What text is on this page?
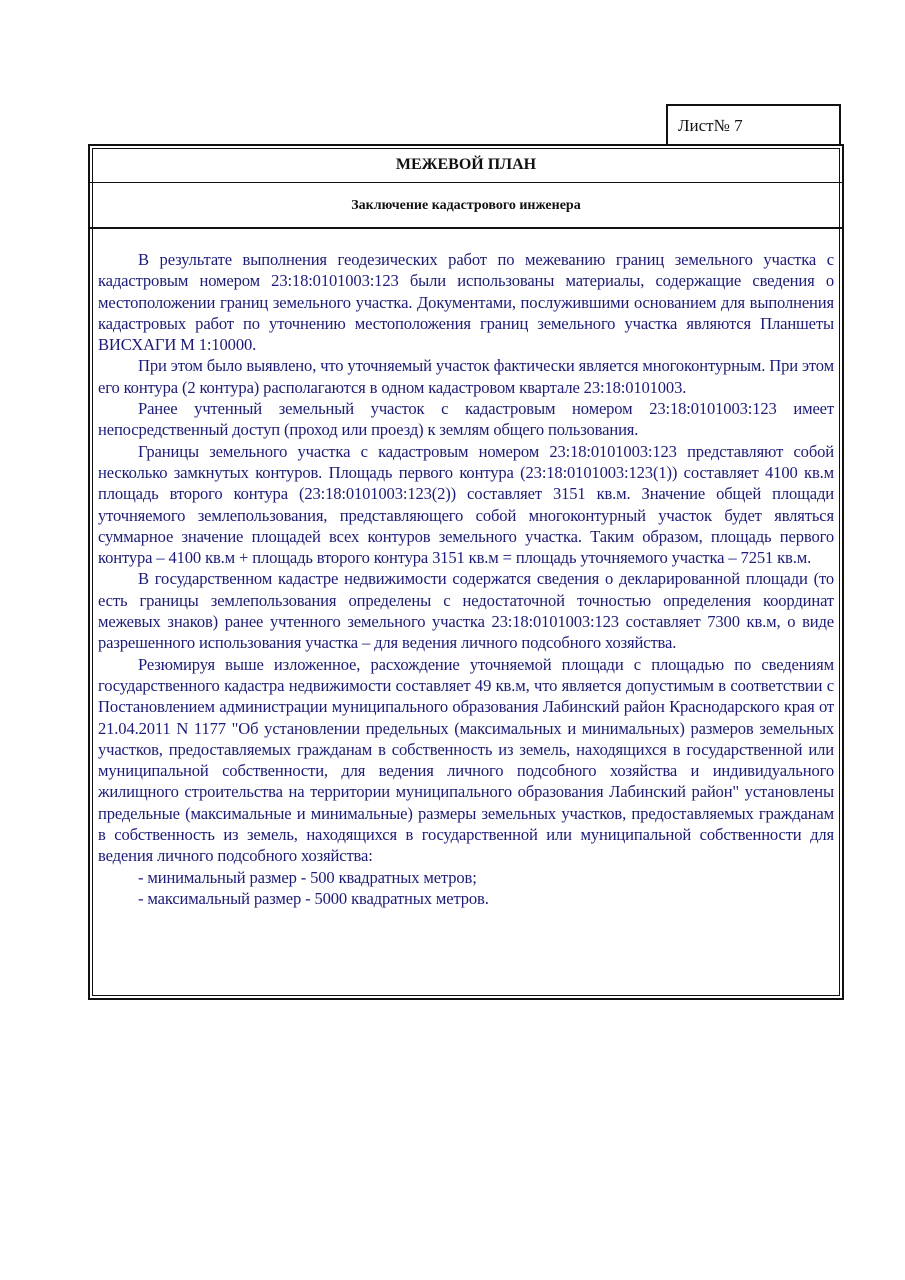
Лист№ 7
МЕЖЕВОЙ ПЛАН
Заключение кадастрового инженера

В результате выполнения геодезических работ по межеванию границ земельного участка с кадастровым номером 23:18:0101003:123 были использованы материалы, содержащие сведения о местоположении границ земельного участка. Документами, послужившими основанием для выполнения кадастровых работ по уточнению местоположения границ земельного участка являются Планшеты ВИСХАГИ М 1:10000.

При этом было выявлено, что уточняемый участок фактически является многоконтурным. При этом его контура (2 контура) располагаются в одном кадастровом квартале 23:18:0101003.

Ранее учтенный земельный участок с кадастровым номером 23:18:0101003:123 имеет непосредственный доступ (проход или проезд) к землям общего пользования.

Границы земельного участка с кадастровым номером 23:18:0101003:123 представляют собой несколько замкнутых контуров. Площадь первого контура (23:18:0101003:123(1)) составляет 4100 кв.м площадь второго контура (23:18:0101003:123(2)) составляет 3151 кв.м. Значение общей площади уточняемого землепользования, представляющего собой многоконтурный участок будет являться суммарное значение площадей всех контуров земельного участка. Таким образом, площадь первого контура – 4100 кв.м + площадь второго контура 3151 кв.м = площадь уточняемого участка – 7251 кв.м.

В государственном кадастре недвижимости содержатся сведения о декларированной площади (то есть границы землепользования определены с недостаточной точностью определения координат межевых знаков) ранее учтенного земельного участка 23:18:0101003:123 составляет 7300 кв.м, о виде разрешенного использования участка – для ведения личного подсобного хозяйства.

Резюмируя выше изложенное, расхождение уточняемой площади с площадью по сведениям государственного кадастра недвижимости составляет 49 кв.м, что является допустимым в соответствии с Постановлением администрации муниципального образования Лабинский район Краснодарского края от 21.04.2011 N 1177 "Об установлении предельных (максимальных и минимальных) размеров земельных участков, предоставляемых гражданам в собственность из земель, находящихся в государственной или муниципальной собственности, для ведения личного подсобного хозяйства и индивидуального жилищного строительства на территории муниципального образования Лабинский район" установлены предельные (максимальные и минимальные) размеры земельных участков, предоставляемых гражданам в собственность из земель, находящихся в государственной или муниципальной собственности для ведения личного подсобного хозяйства:

- минимальный размер - 500 квадратных метров;

- максимальный размер - 5000 квадратных метров.
